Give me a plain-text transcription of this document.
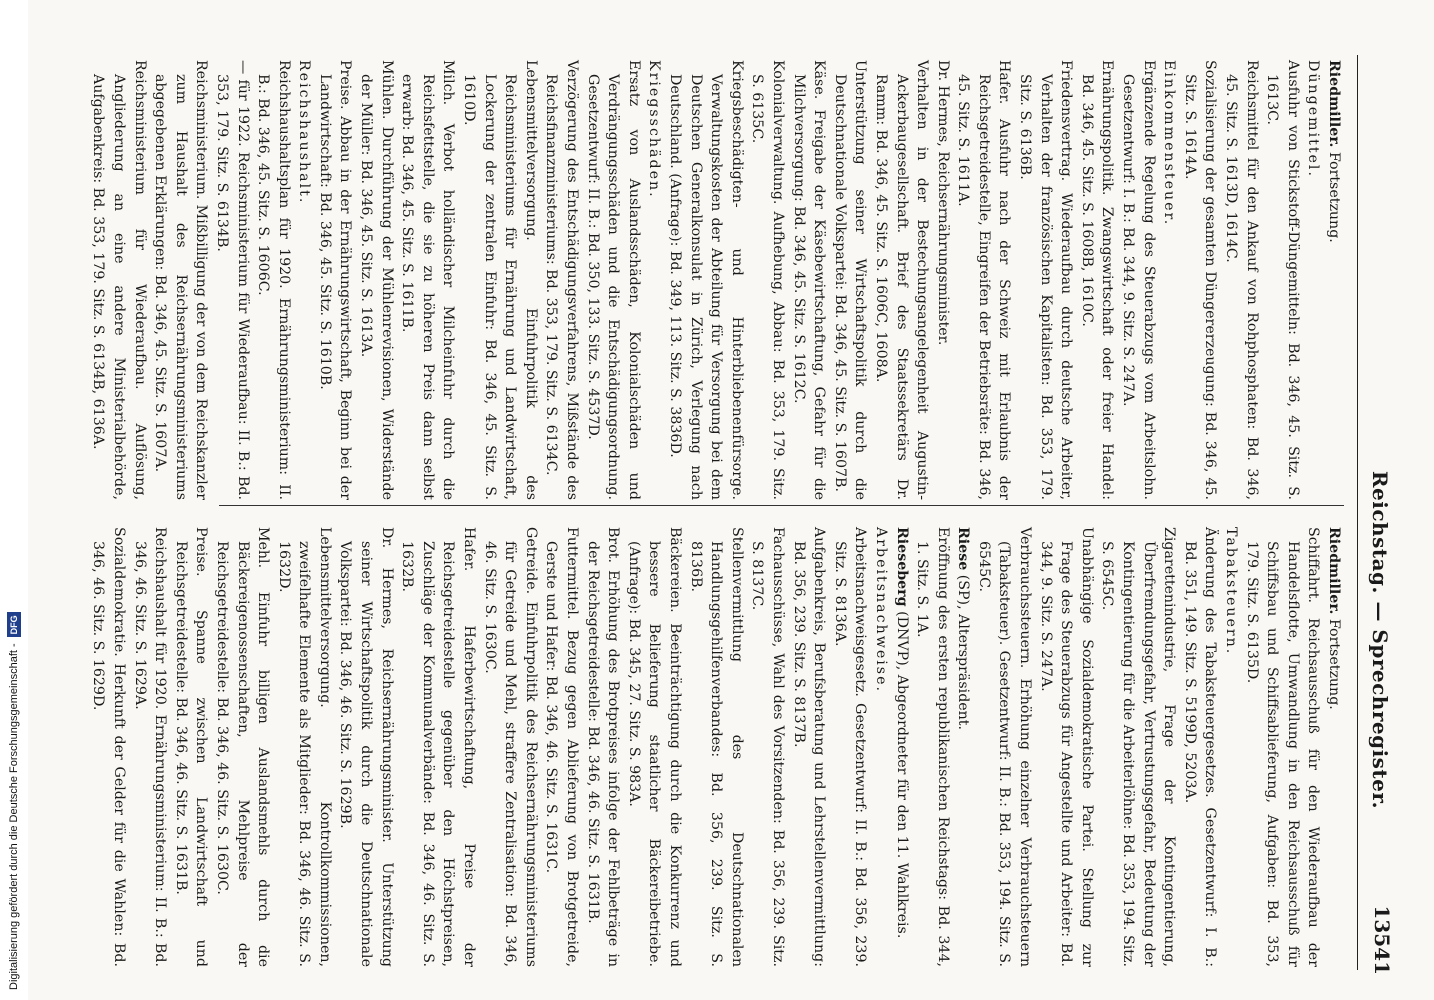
Reichstag. — Sprechregister.
13541
Riedmiller. Fortsetzung.
Düngemittel.
Ausfuhr von Stickstoff-Düngemitteln: Bd. 346, 45. Sitz. S. 1613C.
Reichsmittel für den Ankauf von Rohphosphaten: Bd. 346, 45. Sitz. S. 1613D, 1614C.
Sozialisierung der gesamten Düngererzeugung: Bd. 346, 45. Sitz. S. 1614A.
Einkommensteuer.
Ergänzende Regelung des Steuerabzugs vom Arbeitslohn. Gesetzentwurf: I. B.: Bd. 344, 9. Sitz. S. 247A.
Ernährungspolitik. Zwangswirtschaft oder freier Handel: Bd. 346, 45. Sitz. S. 1608B, 1610C.
Friedensvertrag. Wiederaufbau durch deutsche Arbeiter, Verhalten der französischen Kapitalisten: Bd. 353, 179. Sitz. S. 6136B.
Hafer. Ausfuhr nach der Schweiz mit Erlaubnis der Reichsgetreidestelle, Eingreifen der Betriebsräte: Bd. 346, 45. Sitz. S. 1611A.
Dr. Hermes, Reichsernährungsminister.
Verhalten in der Bestechungsangelegenheit Augustin-Ackerbaugesellschaft. Brief des Staatssekretärs Dr. Ramm: Bd. 346, 45. Sitz. S. 1606C, 1608A.
Unterstützung seiner Wirtschaftspolitik durch die Deutschnationale Volkspartei: Bd. 346, 45. Sitz. S. 1607B.
Käse. Freigabe der Käsebewirtschaftung, Gefahr für die Milchversorgung: Bd. 346, 45. Sitz. S. 1612C.
Kolonialverwaltung. Aufhebung, Abbau: Bd. 353, 179. Sitz. S. 6135C.
Kriegsbeschädigten- und Hinterbliebenenfürsorge. Verwaltungskosten der Abteilung für Versorgung bei dem Deutschen Generalkonsulat in Zürich, Verlegung nach Deutschland. (Anfrage): Bd. 349, 113. Sitz. S. 3836D.
Kriegsschäden.
Ersatz von Auslandsschäden, Kolonialschäden und Verdrängungsschäden und die Entschädigungsordnung. Gesetzentwurf: II. B.: Bd. 350, 133. Sitz. S. 4537D.
Verzögerung des Entschädigungsverfahrens, Mißstände des Reichsfinanzministeriums: Bd. 353, 179. Sitz. S. 6134C.
Lebensmittelversorgung. Einfuhrpolitik des Reichsministeriums für Ernährung und Landwirtschaft, Lockerung der zentralen Einfuhr: Bd. 346, 45. Sitz. S. 1610D.
Milch. Verbot holländischer Milcheinfuhr durch die Reichsfettstelle, die sie zu höheren Preis dann selbst erwarb: Bd. 346, 45. Sitz. S. 1611B.
Mühlen. Durchführung der Mühlenrevisionen, Widerstände der Müller: Bd. 346, 45. Sitz. S. 1613A.
Preise. Abbau in der Ernährungswirtschaft, Beginn bei der Landwirtschaft: Bd. 346, 45. Sitz. S. 1610B.
Reichshaushalt.
Reichshaushaltsplan für 1920. Ernährungsministerium: II. B.: Bd. 346, 45. Sitz. S. 1606C.
— für 1922. Reichsministerium für Wiederaufbau: II. B.: Bd. 353, 179. Sitz. S. 6134B.
Reichsministerium. Mißbilligung der von dem Reichskanzler zum Haushalt des Reichsernährungsministeriums abgegebenen Erklärungen: Bd. 346, 45. Sitz. S. 1607A.
Reichsministerium für Wiederaufbau. Auflösung, Angliederung an eine andere Ministerialbehörde, Aufgabenkreis: Bd. 353, 179. Sitz. S. 6134B, 6136A.
Riedmiller. Fortsetzung.
Schiffahrt. Reichsausschuß für den Wiederaufbau der Handelsflotte, Umwandlung in den Reichsausschuß für Schiffsbau und Schiffsablieferung, Aufgaben: Bd. 353, 179. Sitz. S. 6135D.
Tabaksteuern.
Änderung des Tabaksteuergesetzes. Gesetzentwurf: I. B.: Bd. 351, 149. Sitz. S. 5199D, 5203A.
Zigarettenindustrie, Frage der Kontingentierung, Überfremdungsgefahr, Vertrustungsgefahr, Bedeutung der Kontingentierung für die Arbeiterlöhne: Bd. 353, 194. Sitz. S. 6545C.
Unabhängige Sozialdemokratische Partei. Stellung zur Frage des Steuerabzugs für Angestellte und Arbeiter: Bd. 344, 9. Sitz. S. 247A.
Verbrauchssteuern. Erhöhung einzelner Verbrauchsteuern (Tabaksteuer). Gesetzentwurf: II. B.: Bd. 353, 194. Sitz. S. 6545C.
Riese (SP), Alterspräsident.
Eröffnung des ersten republikanischen Reichstags: Bd. 344, 1. Sitz. S. 1A.
Rieseberg (DNVP), Abgeordneter für den 11. Wahlkreis.
Arbeitsnachweise.
Arbeitsnachweisgesetz. Gesetzentwurf: II. B.: Bd. 356, 239. Sitz. S. 8136A.
Aufgabenkreis, Berufsberatung und Lehrstellenvermittlung: Bd. 356, 239. Sitz. S. 8137B.
Fachausschüsse, Wahl des Vorsitzenden: Bd. 356, 239. Sitz. S. 8137C.
Stellenvermittlung des Deutschnationalen Handlungsgehilfenverbandes: Bd. 356, 239. Sitz. S. 8136B.
Bäckereien. Beeinträchtigung durch die Konkurrenz und bessere Belieferung staatlicher Bäckereibetriebe. (Anfrage): Bd. 345, 27. Sitz. S. 983A.
Brot. Erhöhung des Brotpreises infolge der Fehlbeträge in der Reichsgetreidestelle: Bd. 346, 46. Sitz. S. 1631B.
Futtermittel. Bezug gegen Ablieferung von Brotgetreide, Gerste und Hafer: Bd. 346, 46. Sitz. S. 1631C.
Getreide. Einfuhrpolitik des Reichsernährungsministeriums für Getreide und Mehl, straffere Zentralisation: Bd. 346, 46. Sitz. S. 1630C.
Hafer. Haferbewirtschaftung, Preise der Reichsgetreidestelle gegenüber den Höchstpreisen, Zuschläge der Kommunalverbände: Bd. 346, 46. Sitz. S. 1632B.
Dr. Hermes, Reichsernährungsminister. Unterstützung seiner Wirtschaftspolitik durch die Deutschnationale Volkspartei: Bd. 346, 46. Sitz. S. 1629B.
Lebensmittelversorgung. Kontrollkommissionen, zweifelhafte Elemente als Mitglieder: Bd. 346, 46. Sitz. S. 1632D.
Mehl. Einfuhr billigen Auslandsmehls durch die Bäckereigenossenschaften, Mehlpreise der Reichsgetreidestelle: Bd. 346, 46. Sitz. S. 1630C.
Preise. Spanne zwischen Landwirtschaft und Reichsgetreidestelle: Bd. 346, 46. Sitz. S. 1631B.
Reichshaushalt für 1920. Ernährungsministerium: II. B.: Bd. 346, 46. Sitz. S. 1629A.
Sozialdemokratie. Herkunft der Gelder für die Wahlen: Bd. 346, 46. Sitz. S. 1629D.
Digitalisierung gefördert durch die Deutsche Forschungsgemeinschaft -DFG
